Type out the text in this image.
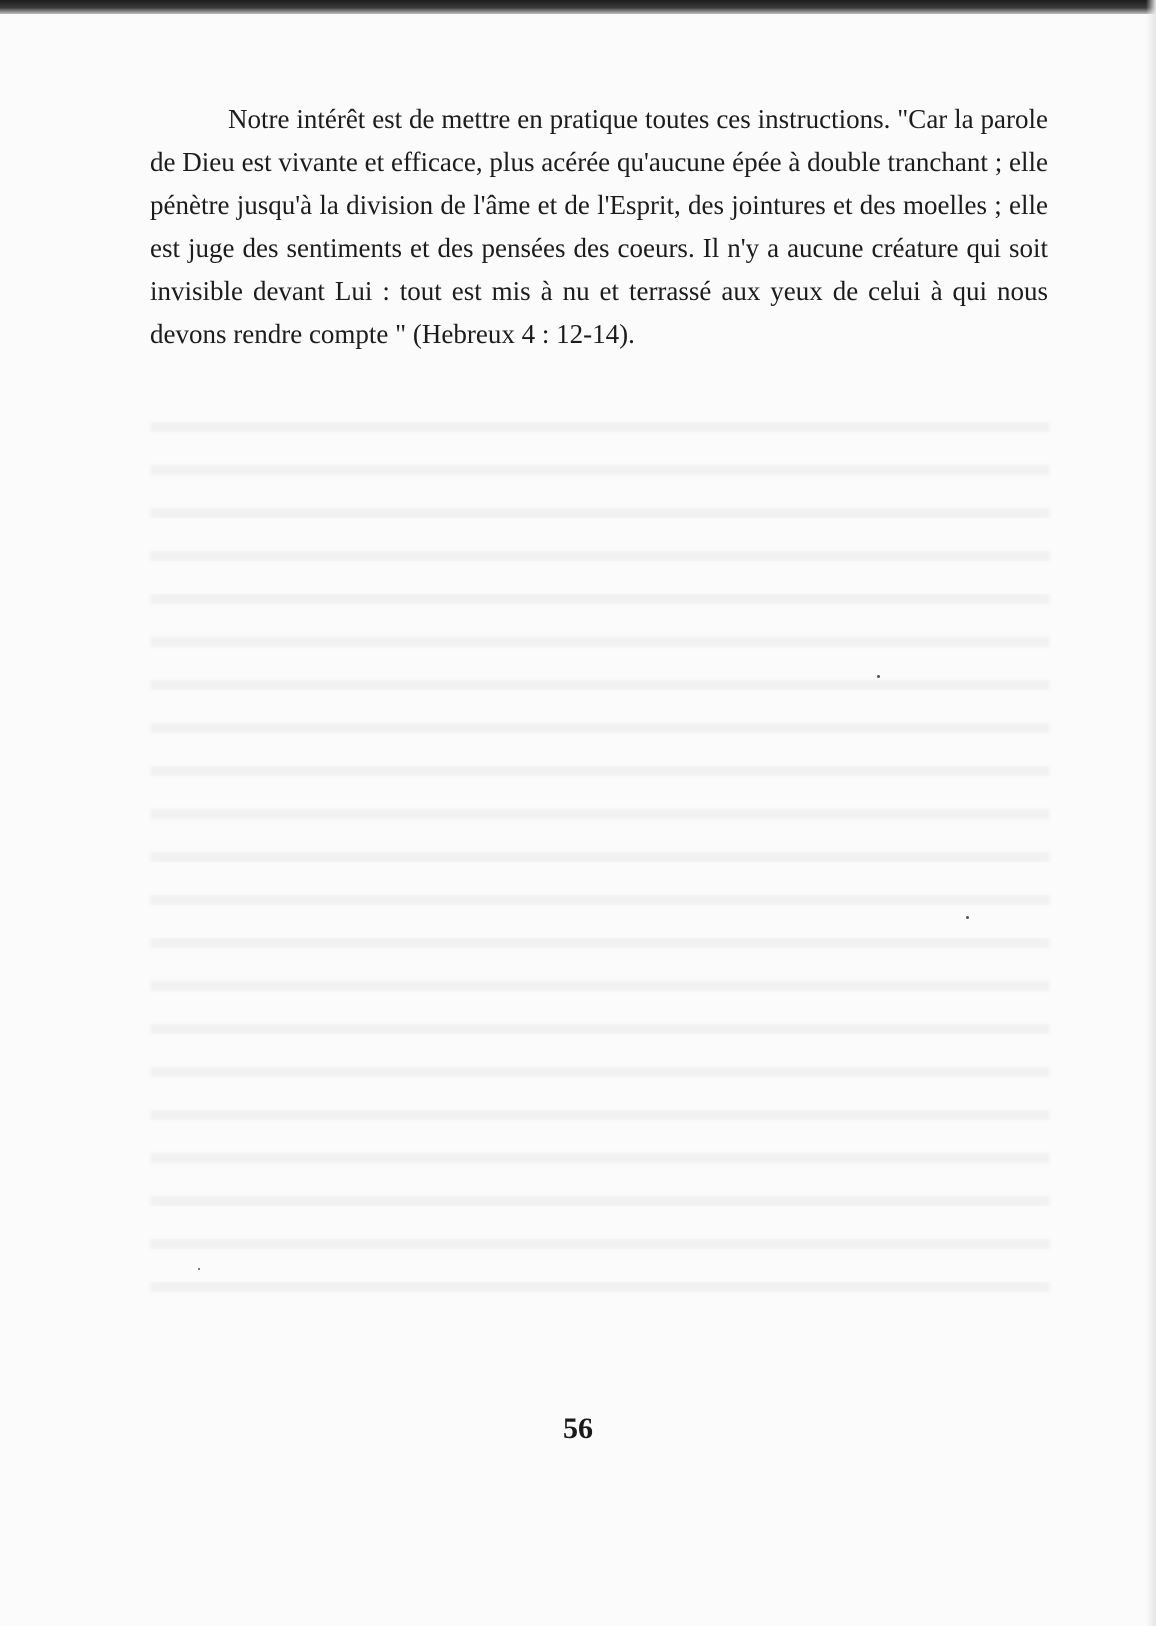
Notre intérêt est de mettre en pratique toutes ces instructions. "Car la parole de Dieu est vivante et efficace, plus acérée qu'aucune épée à double tranchant ; elle pénètre jusqu'à la division de l'âme et de l'Esprit, des jointures et des moelles ; elle est juge des sentiments et des pensées des coeurs. Il n'y a aucune créature qui soit invisible devant Lui : tout est mis à nu et terrassé aux yeux de celui à qui nous devons rendre compte " (Hebreux 4 : 12-14).

56
